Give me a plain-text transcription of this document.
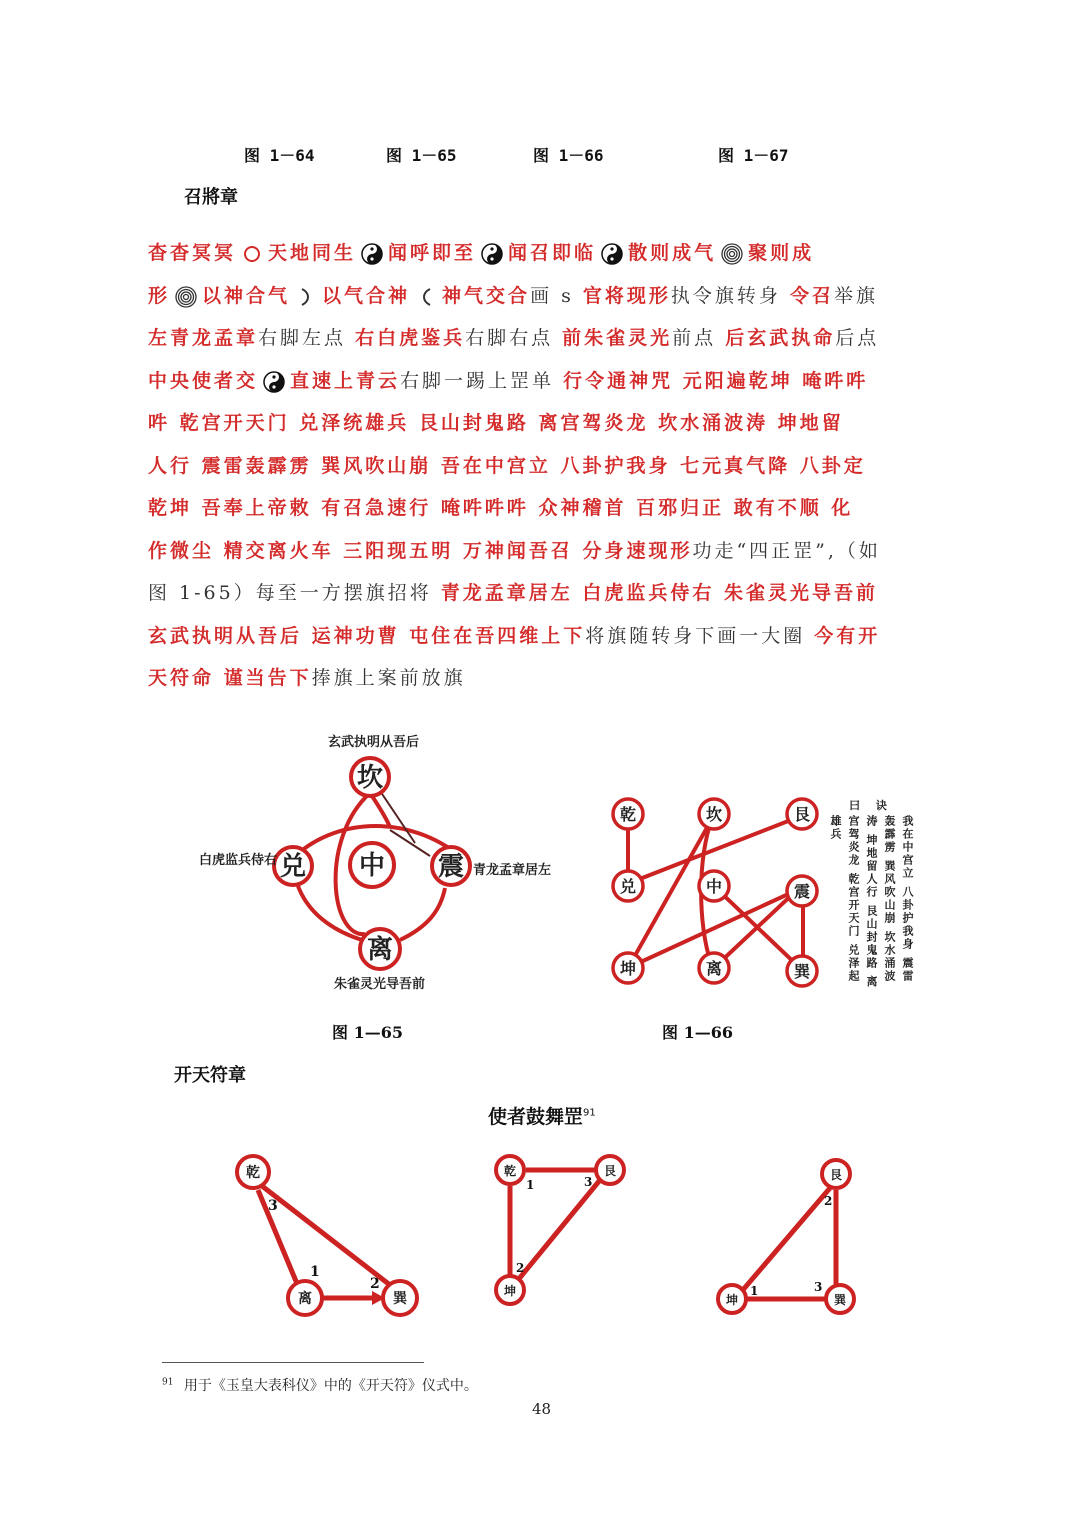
图 1－64	图 1－65	图 1－66	图 1－67
召將章
杳杳冥冥 天地同生 闻呼即至 闻召即临 散则成气 聚则成
形 以神合气 以气合神 神气交合画 s 官将现形执令旗转身 令召举旗
左青龙孟章右脚左点 右白虎鉴兵右脚右点 前朱雀灵光前点 后玄武执命后点
中央使者交 直速上青云右脚一踢上罡单 行令通神咒 元阳遍乾坤 唵吽吽
吽 乾宫开天门 兑泽统雄兵 艮山封鬼路 离宫驾炎龙 坎水涌波涛 坤地留
人行 震雷轰霹雳 巽风吹山崩 吾在中宫立 八卦护我身 七元真气降 八卦定
乾坤 吾奉上帝敕 有召急速行 唵吽吽吽 众神稽首 百邪归正 敢有不顺 化
作微尘 精交离火车 三阳现五明 万神闻吾召 分身速现形功走“四正罡”,（如
图 1-65）每至一方摆旗招将 青龙孟章居左 白虎监兵侍右 朱雀灵光导吾前
玄武执明从吾后 运神功曹 屯住在吾四维上下将旗随转身下画一大圈 今有开
天符命 谨当告下捧旗上案前放旗
坎
兑 中 震
离
玄武执明从吾后
白虎监兵侍右
青龙孟章居左
朱雀灵光导吾前
图 1—65
乾	坎	艮
兑	中	震
坤	离	巽
曰 诀
我在中宫立 八卦护我身 震雷轰霹雳 巽风吹山崩 坎水涌波涛 坤地留人行 艮山封鬼路 离宫驾炎龙 乾宫开天门 兑泽起雄兵
图 1—66
开天符章
使者鼓舞罡$^{91}$
乾
离	巽
1
2
3
乾	艮
坤
1
2
3	艮
坤	巽
1
2
3
$^{91}$ 用于《玉皇大表科仪》中的《开天符》仪式中。
48
